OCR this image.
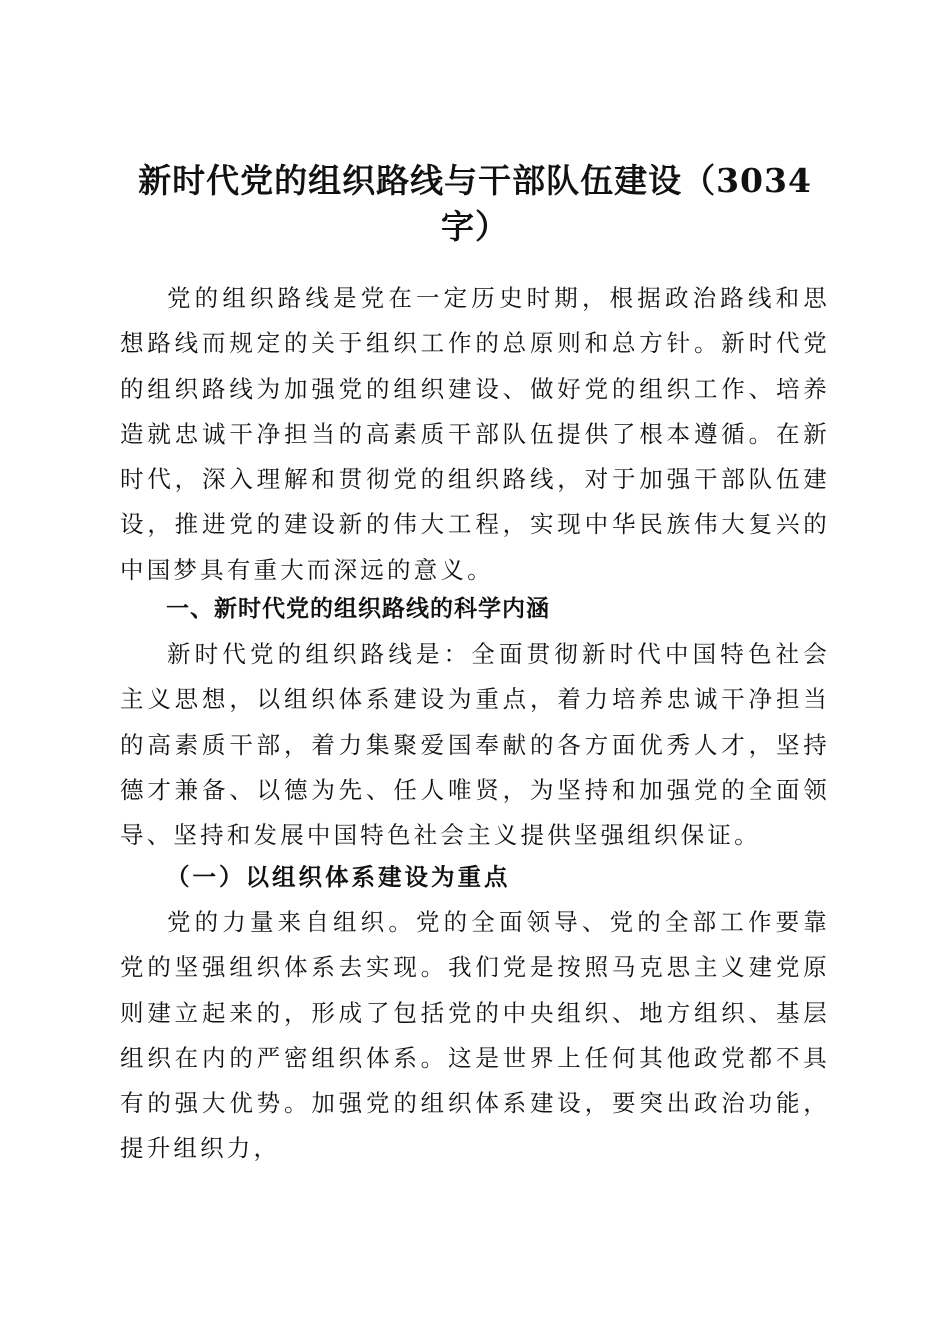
新时代党的组织路线与干部队伍建设（3034字）

党的组织路线是党在一定历史时期，根据政治路线和思想路线而规定的关于组织工作的总原则和总方针。新时代党的组织路线为加强党的组织建设、做好党的组织工作、培养造就忠诚干净担当的高素质干部队伍提供了根本遵循。在新时代，深入理解和贯彻党的组织路线，对于加强干部队伍建设，推进党的建设新的伟大工程，实现中华民族伟大复兴的中国梦具有重大而深远的意义。

一、新时代党的组织路线的科学内涵

新时代党的组织路线是：全面贯彻新时代中国特色社会主义思想，以组织体系建设为重点，着力培养忠诚干净担当的高素质干部，着力集聚爱国奉献的各方面优秀人才，坚持德才兼备、以德为先、任人唯贤，为坚持和加强党的全面领导、坚持和发展中国特色社会主义提供坚强组织保证。

（一）以组织体系建设为重点

党的力量来自组织。党的全面领导、党的全部工作要靠党的坚强组织体系去实现。我们党是按照马克思主义建党原则建立起来的，形成了包括党的中央组织、地方组织、基层组织在内的严密组织体系。这是世界上任何其他政党都不具有的强大优势。加强党的组织体系建设，要突出政治功能，提升组织力，
